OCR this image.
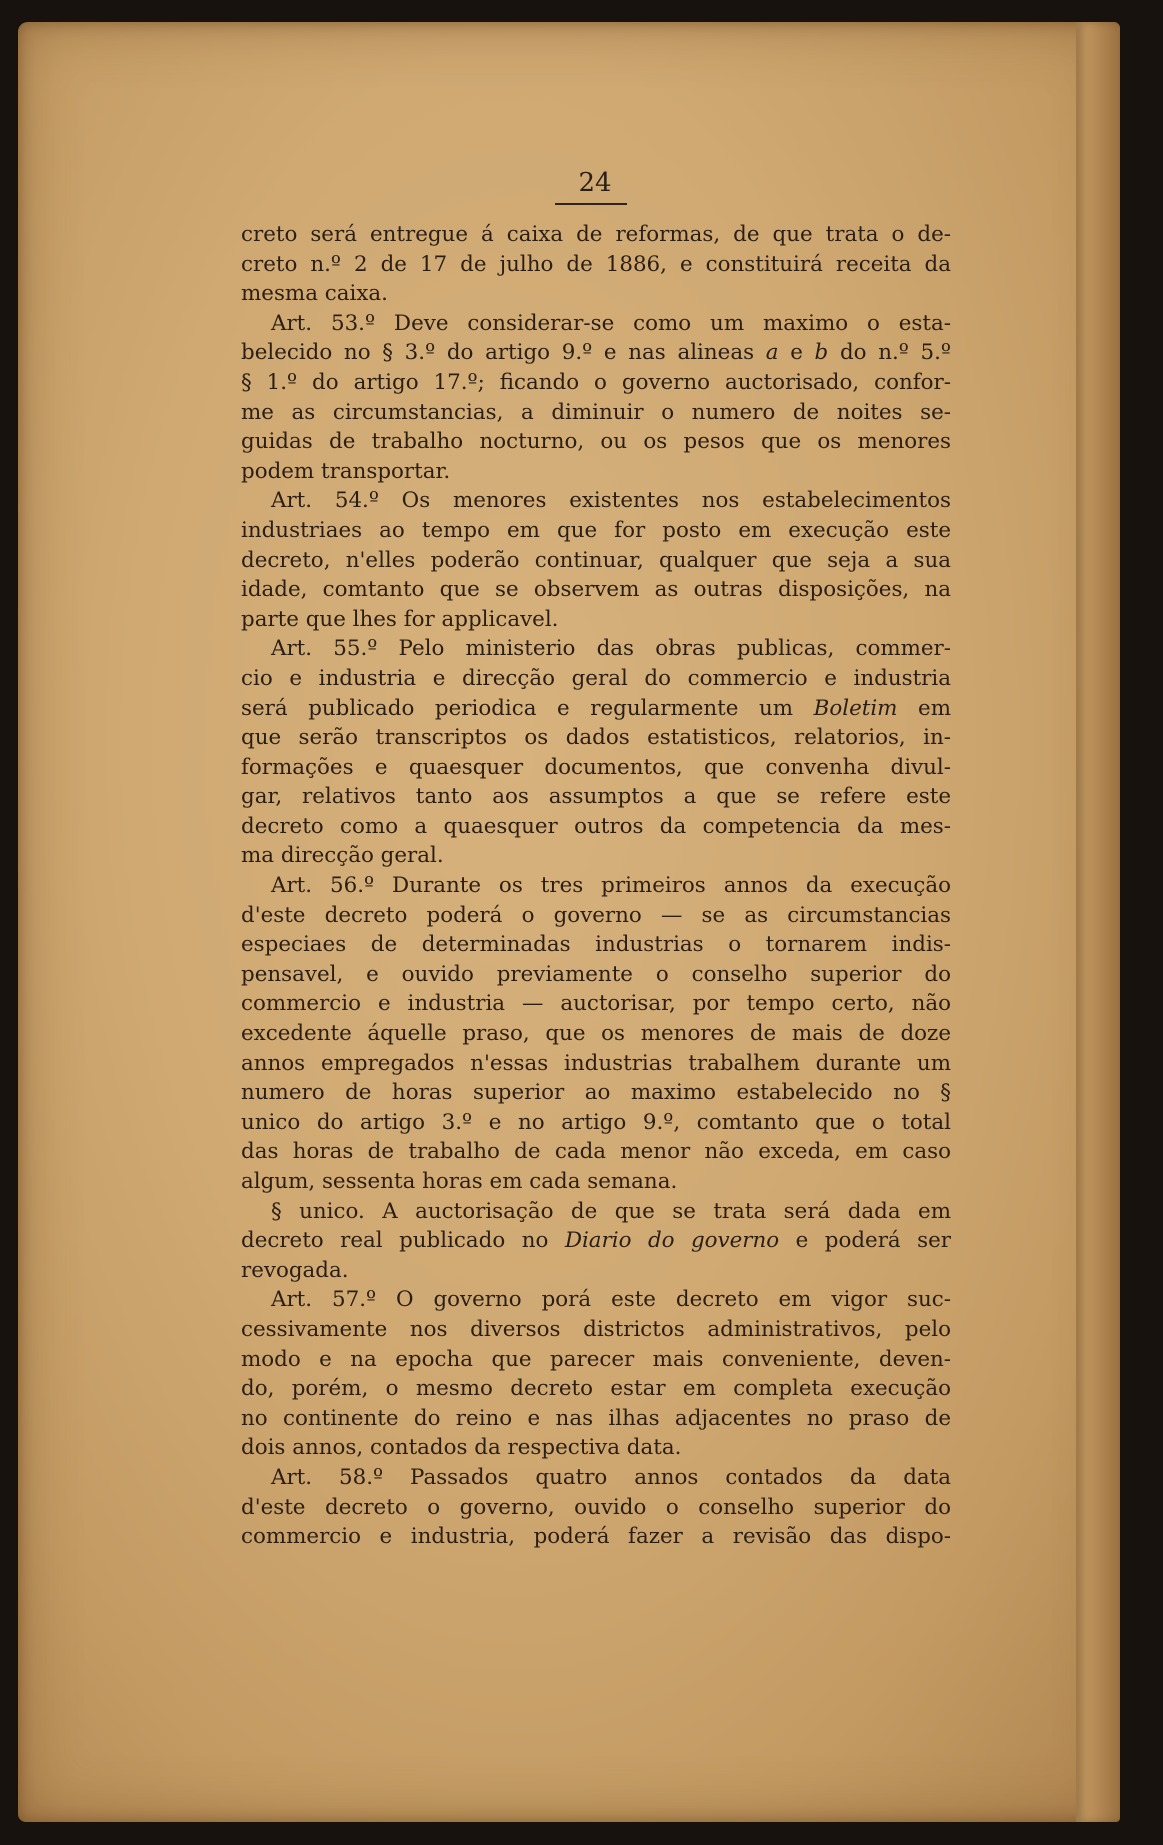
24
creto será entregue á caixa de reformas, de que trata o de-
creto n.º 2 de 17 de julho de 1886, e constituirá receita da
mesma caixa.
Art. 53.º Deve considerar-se como um maximo o esta-
belecido no § 3.º do artigo 9.º e nas alineas a e b do n.º 5.º
§ 1.º do artigo 17.º; ficando o governo auctorisado, confor-
me as circumstancias, a diminuir o numero de noites se-
guidas de trabalho nocturno, ou os pesos que os menores
podem transportar.
Art. 54.º Os menores existentes nos estabelecimentos
industriaes ao tempo em que for posto em execução este
decreto, n'elles poderão continuar, qualquer que seja a sua
idade, comtanto que se observem as outras disposições, na
parte que lhes for applicavel.
Art. 55.º Pelo ministerio das obras publicas, commer-
cio e industria e direcção geral do commercio e industria
será publicado periodica e regularmente um Boletim em
que serão transcriptos os dados estatisticos, relatorios, in-
formações e quaesquer documentos, que convenha divul-
gar, relativos tanto aos assumptos a que se refere este
decreto como a quaesquer outros da competencia da mes-
ma direcção geral.
Art. 56.º Durante os tres primeiros annos da execução
d'este decreto poderá o governo — se as circumstancias
especiaes de determinadas industrias o tornarem indis-
pensavel, e ouvido previamente o conselho superior do
commercio e industria — auctorisar, por tempo certo, não
excedente áquelle praso, que os menores de mais de doze
annos empregados n'essas industrias trabalhem durante um
numero de horas superior ao maximo estabelecido no §
unico do artigo 3.º e no artigo 9.º, comtanto que o total
das horas de trabalho de cada menor não exceda, em caso
algum, sessenta horas em cada semana.
§ unico. A auctorisação de que se trata será dada em
decreto real publicado no Diario do governo e poderá ser
revogada.
Art. 57.º O governo porá este decreto em vigor suc-
cessivamente nos diversos districtos administrativos, pelo
modo e na epocha que parecer mais conveniente, deven-
do, porém, o mesmo decreto estar em completa execução
no continente do reino e nas ilhas adjacentes no praso de
dois annos, contados da respectiva data.
Art. 58.º Passados quatro annos contados da data
d'este decreto o governo, ouvido o conselho superior do
commercio e industria, poderá fazer a revisão das dispo-
